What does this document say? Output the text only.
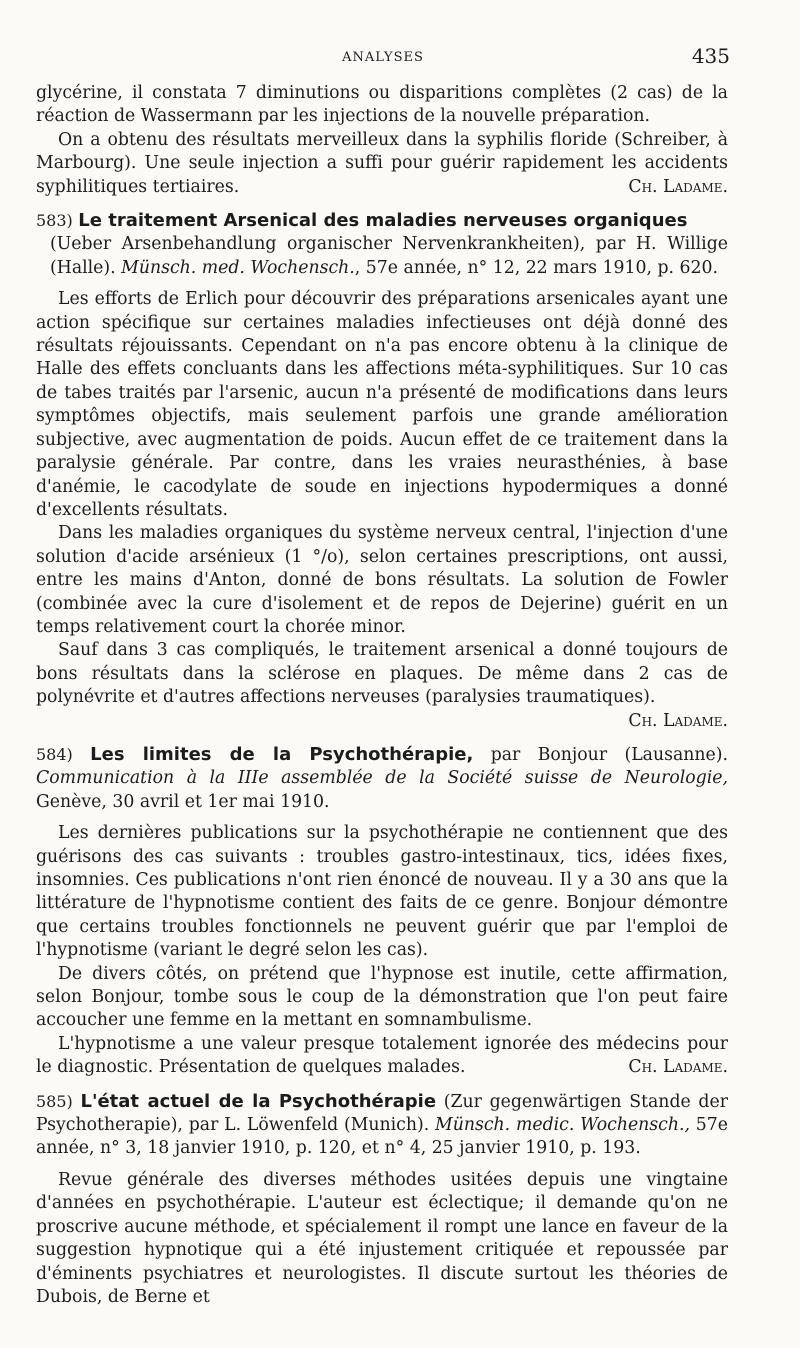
ANALYSES	435

glycérine, il constata 7 diminutions ou disparitions complètes (2 cas) de la réaction de Wassermann par les injections de la nouvelle préparation.

On a obtenu des résultats merveilleux dans la syphilis floride (Schreiber, à Marbourg). Une seule injection a suffi pour guérir rapidement les accidents syphilitiques tertiaires.	Ch. Ladame.

583) Le traitement Arsenical des maladies nerveuses organiques

(Ueber Arsenbehandlung organischer Nervenkrankheiten), par H. Willige (Halle). Münsch. med. Wochensch., 57e année, n° 12, 22 mars 1910, p. 620.

Les efforts de Erlich pour découvrir des préparations arsenicales ayant une action spécifique sur certaines maladies infectieuses ont déjà donné des résultats réjouissants. Cependant on n'a pas encore obtenu à la clinique de Halle des effets concluants dans les affections méta-syphilitiques. Sur 10 cas de tabes traités par l'arsenic, aucun n'a présenté de modifications dans leurs symptômes objectifs, mais seulement parfois une grande amélioration subjective, avec augmentation de poids. Aucun effet de ce traitement dans la paralysie générale. Par contre, dans les vraies neurasthénies, à base d'anémie, le cacodylate de soude en injections hypodermiques a donné d'excellents résultats.

Dans les maladies organiques du système nerveux central, l'injection d'une solution d'acide arsénieux (1 °/o), selon certaines prescriptions, ont aussi, entre les mains d'Anton, donné de bons résultats. La solution de Fowler (combinée avec la cure d'isolement et de repos de Dejerine) guérit en un temps relativement court la chorée minor.

Sauf dans 3 cas compliqués, le traitement arsenical a donné toujours de bons résultats dans la sclérose en plaques. De même dans 2 cas de polynévrite et d'autres affections nerveuses (paralysies traumatiques).
Ch. Ladame.

584) Les limites de la Psychothérapie, par Bonjour (Lausanne). Communication à la IIIe assemblée de la Société suisse de Neurologie, Genève, 30 avril et 1er mai 1910.

Les dernières publications sur la psychothérapie ne contiennent que des guérisons des cas suivants : troubles gastro-intestinaux, tics, idées fixes, insomnies. Ces publications n'ont rien énoncé de nouveau. Il y a 30 ans que la littérature de l'hypnotisme contient des faits de ce genre. Bonjour démontre que certains troubles fonctionnels ne peuvent guérir que par l'emploi de l'hypnotisme (variant le degré selon les cas).

De divers côtés, on prétend que l'hypnose est inutile, cette affirmation, selon Bonjour, tombe sous le coup de la démonstration que l'on peut faire accoucher une femme en la mettant en somnambulisme.

L'hypnotisme a une valeur presque totalement ignorée des médecins pour le diagnostic. Présentation de quelques malades.	Ch. Ladame.

585) L'état actuel de la Psychothérapie (Zur gegenwärtigen Stande der Psychotherapie), par L. Löwenfeld (Munich). Münsch. medic. Wochensch., 57e année, n° 3, 18 janvier 1910, p. 120, et n° 4, 25 janvier 1910, p. 193.

Revue générale des diverses méthodes usitées depuis une vingtaine d'années en psychothérapie. L'auteur est éclectique; il demande qu'on ne proscrive aucune méthode, et spécialement il rompt une lance en faveur de la suggestion hypnotique qui a été injustement critiquée et repoussée par d'éminents psychiatres et neurologistes. Il discute surtout les théories de Dubois, de Berne et
